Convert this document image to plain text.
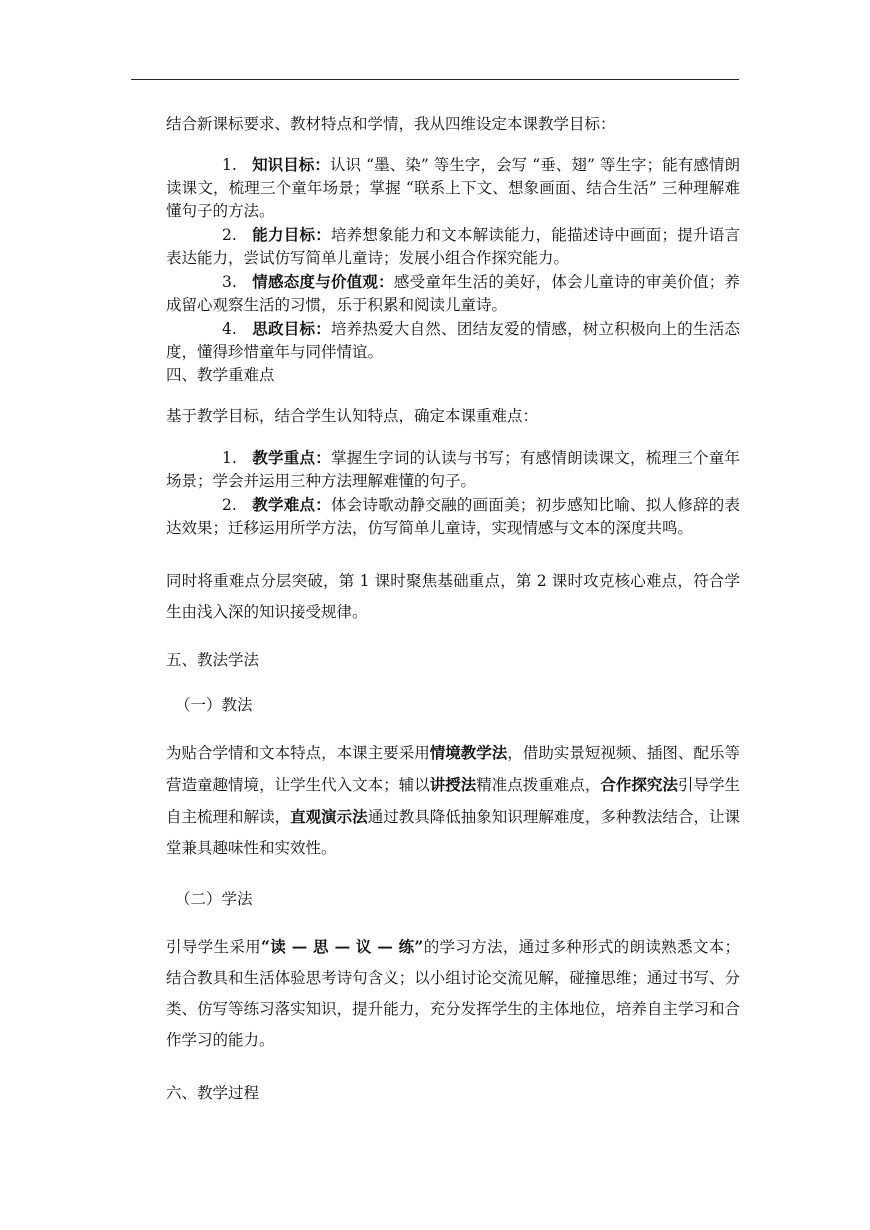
结合新课标要求、教材特点和学情，我从四维设定本课教学目标：

1. 知识目标：认识 “墨、染” 等生字，会写 “垂、翅” 等生字；能有感情朗读课文，梳理三个童年场景；掌握 “联系上下文、想象画面、结合生活” 三种理解难懂句子的方法。

2. 能力目标：培养想象能力和文本解读能力，能描述诗中画面；提升语言表达能力，尝试仿写简单儿童诗；发展小组合作探究能力。

3. 情感态度与价值观：感受童年生活的美好，体会儿童诗的审美价值；养成留心观察生活的习惯，乐于积累和阅读儿童诗。

4. 思政目标：培养热爱大自然、团结友爱的情感，树立积极向上的生活态度，懂得珍惜童年与同伴情谊。

四、教学重难点

基于教学目标，结合学生认知特点，确定本课重难点：

1. 教学重点：掌握生字词的认读与书写；有感情朗读课文，梳理三个童年场景；学会并运用三种方法理解难懂的句子。

2. 教学难点：体会诗歌动静交融的画面美；初步感知比喻、拟人修辞的表达效果；迁移运用所学方法，仿写简单儿童诗，实现情感与文本的深度共鸣。

同时将重难点分层突破，第 1 课时聚焦基础重点，第 2 课时攻克核心难点，符合学生由浅入深的知识接受规律。

五、教法学法

（一）教法

为贴合学情和文本特点，本课主要采用情境教学法，借助实景短视频、插图、配乐等营造童趣情境，让学生代入文本；辅以讲授法精准点拨重难点，合作探究法引导学生自主梳理和解读，直观演示法通过教具降低抽象知识理解难度，多种教法结合，让课堂兼具趣味性和实效性。

（二）学法

引导学生采用“读 — 思 — 议 — 练”的学习方法，通过多种形式的朗读熟悉文本；结合教具和生活体验思考诗句含义；以小组讨论交流见解，碰撞思维；通过书写、分类、仿写等练习落实知识，提升能力，充分发挥学生的主体地位，培养自主学习和合作学习的能力。

六、教学过程
